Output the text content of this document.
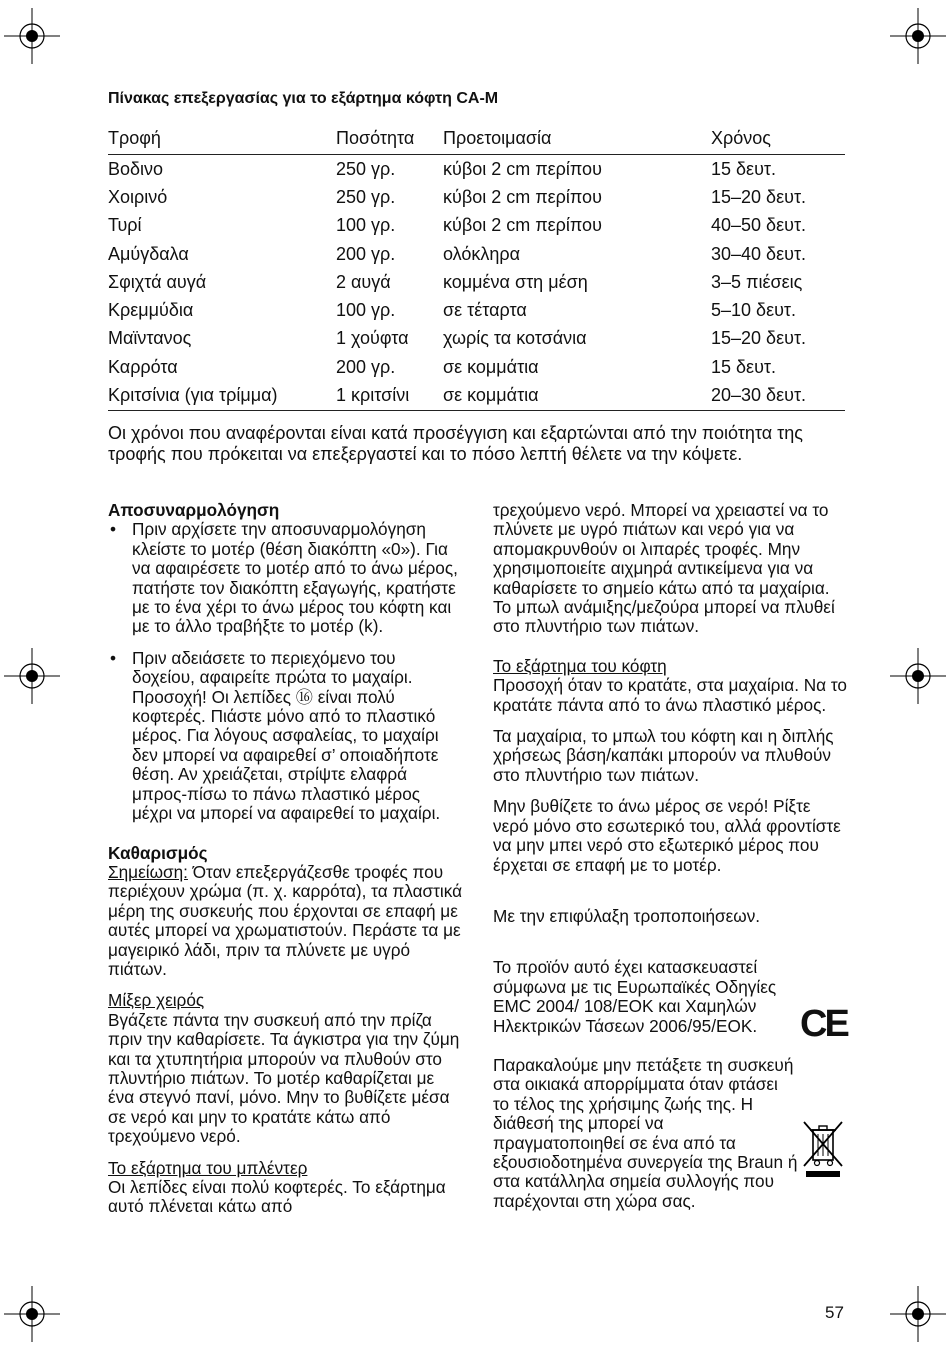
Πίνακας επεξεργασίας για το εξάρτημα κόφτη CA-M
Τροφή	Ποσότητα	Προετοιμασία	Χρόνος
Βοδινο	250 γρ.	κύβοι 2 cm περίπου	15 δευτ.
Χοιρινό	250 γρ.	κύβοι 2 cm περίπου	15–20 δευτ.
Τυρί	100 γρ.	κύβοι 2 cm περίπου	40–50 δευτ.
Αμύγδαλα	200 γρ.	ολόκληρα	30–40 δευτ.
Σφιχτά αυγά	2 αυγά	κομμένα στη μέση	3–5 πιέσεις
Κρεμμύδια	100 γρ.	σε τέταρτα	5–10 δευτ.
Μαϊντανος	1 χούφτα	χωρίς τα κοτσάνια	15–20 δευτ.
Καρρότα	200 γρ.	σε κομμάτια	15 δευτ.
Κριτσίνια (για τρίμμα)	1 κριτσίνι	σε κομμάτια	20–30 δευτ.
Οι χρόνοι που αναφέρονται είναι κατά προσέγγιση και εξαρτώνται από την ποιότητα της τροφής που πρόκειται να επεξεργαστεί και το πόσο λεπτή θέλετε να την κόψετε.

Αποσυναρμολόγηση

• Πριν αρχίσετε την αποσυναρμολόγηση κλείστε το μοτέρ (θέση διακόπτη «0»). Για να αφαιρέσετε το μοτέρ από το άνω μέρος, πατήστε τον διακόπτη εξαγωγής, κρατήστε με το ένα χέρι το άνω μέρος του κόφτη και με το άλλο τραβήξτε το μοτέρ (k).

• Πριν αδειάσετε το περιεχόμενο του δοχείου, αφαιρείτε πρώτα το μαχαίρι. Προσοχή! Οι λεπίδες ⑯ είναι πολύ κοφτερές. Πιάστε μόνο από το πλαστικό μέρος. Για λόγους ασφαλείας, το μαχαίρι δεν μπορεί να αφαιρεθεί σ’ οποιαδήποτε θέση. Αν χρειάζεται, στρίψτε ελαφρά μπρος-πίσω το πάνω πλαστικό μέρος μέχρι να μπορεί να αφαιρεθεί το μαχαίρι.

Καθαρισμός

Σημείωση: Όταν επεξεργάζεσθε τροφές που περιέχουν χρώμα (π. χ. καρρότα), τα πλαστικά μέρη της συσκευής που έρχονται σε επαφή με αυτές μπορεί να χρωματιστούν. Περάστε τα με μαγειρικό λάδι, πριν τα πλύνετε με υγρό πιάτων.

Μίξερ χειρός

Βγάζετε πάντα την συσκευή από την πρίζα πριν την καθαρίσετε. Τα άγκιστρα για την ζύμη και τα χτυπητήρια μπορούν να πλυθούν στο πλυντήριο πιάτων. Το μοτέρ καθαρίζεται με ένα στεγνό πανί, μόνο. Μην το βυθίζετε μέσα σε νερό και μην το κρατάτε κάτω από τρεχούμενο νερό.

Το εξάρτημα του μπλέντερ

Οι λεπίδες είναι πολύ κοφτερές. Το εξάρτημα αυτό πλένεται κάτω από

τρεχούμενο νερό. Μπορεί να χρειαστεί να το πλύνετε με υγρό πιάτων και νερό για να απομακρυνθούν οι λιπαρές τροφές. Μην χρησιμοποιείτε αιχμηρά αντικείμενα για να καθαρίσετε το σημείο κάτω από τα μαχαίρια. Το μπωλ ανάμιξης/μεζούρα μπορεί να πλυθεί στο πλυντήριο των πιάτων.

Το εξάρτημα του κόφτη

Προσοχή όταν το κρατάτε, στα μαχαίρια. Να το κρατάτε πάντα από το άνω πλαστικό μέρος.

Τα μαχαίρια, το μπωλ του κόφτη και η διπλής χρήσεως βάση/καπάκι μπορούν να πλυθούν στο πλυντήριο των πιάτων.

Μην βυθίζετε το άνω μέρος σε νερό! Ρίξτε νερό μόνο στο εσωτερικό του, αλλά φροντίστε να μην μπει νερό στο εξωτερικό μέρος που έρχεται σε επαφή με το μοτέρ.

Με την επιφύλαξη τροποποιήσεων.

Το προϊόν αυτό έχει κατασκευαστεί σύμφωνα με τις Ευρωπαϊκές Οδηγίες EMC 2004/ 108/ΕΟΚ και Χαμηλών Ηλεκτρικών Τάσεων 2006/95/ΕΟΚ.

Παρακαλούμε μην πετάξετε τη συσκευή στα οικιακά απορρίμματα όταν φτάσει το τέλος της χρήσιμης ζωής της. Η διάθεσή της μπορεί να πραγματοποιηθεί σε ένα από τα εξουσιοδοτημένα συνεργεία της Braun ή στα κατάλληλα σημεία συλλογής που παρέχονται στη χώρα σας.

CE
57
